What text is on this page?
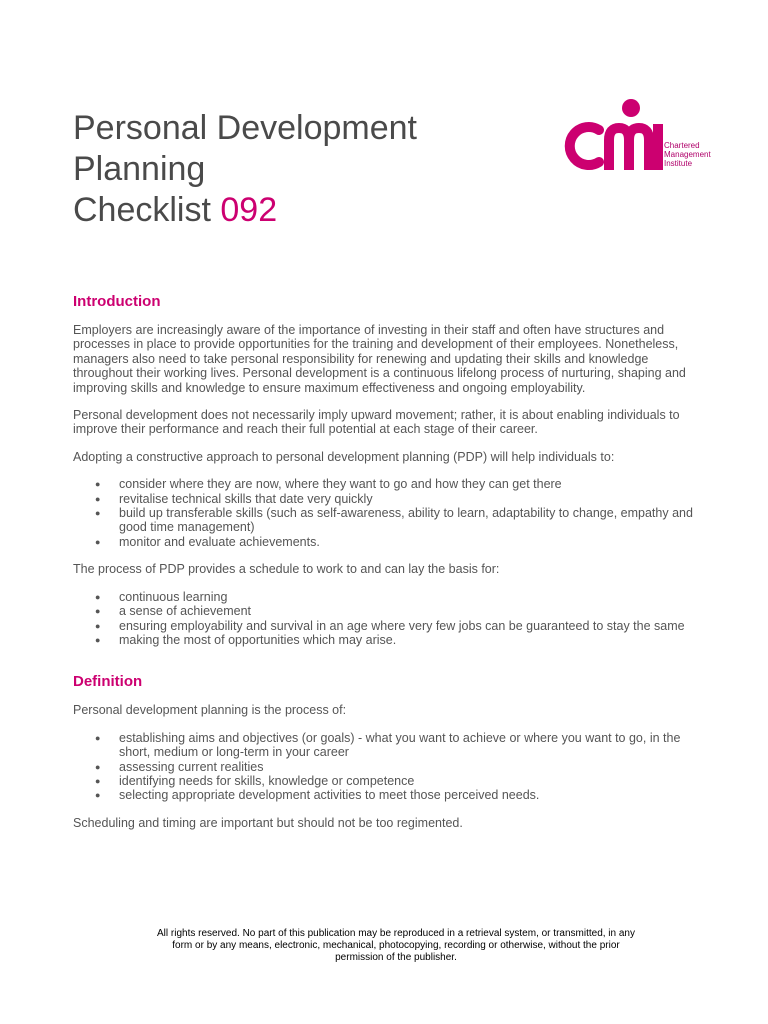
Personal Development
Planning
Checklist 092
Chartered
Management
Institute
Introduction

Employers are increasingly aware of the importance of investing in their staff and often have structures and processes in place to provide opportunities for the training and development of their employees. Nonetheless, managers also need to take personal responsibility for renewing and updating their skills and knowledge throughout their working lives. Personal development is a continuous lifelong process of nurturing, shaping and improving skills and knowledge to ensure maximum effectiveness and ongoing employability.

Personal development does not necessarily imply upward movement; rather, it is about enabling individuals to improve their performance and reach their full potential at each stage of their career.

Adopting a constructive approach to personal development planning (PDP) will help individuals to:

● consider where they are now, where they want to go and how they can get there
● revitalise technical skills that date very quickly
● build up transferable skills (such as self-awareness, ability to learn, adaptability to change, empathy and good time management)
● monitor and evaluate achievements.

The process of PDP provides a schedule to work to and can lay the basis for:

● continuous learning
● a sense of achievement
● ensuring employability and survival in an age where very few jobs can be guaranteed to stay the same
● making the most of opportunities which may arise.
Definition

Personal development planning is the process of:

● establishing aims and objectives (or goals) - what you want to achieve or where you want to go, in the short, medium or long-term in your career
● assessing current realities
● identifying needs for skills, knowledge or competence
● selecting appropriate development activities to meet those perceived needs.

Scheduling and timing are important but should not be too regimented.

All rights reserved. No part of this publication may be reproduced in a retrieval system, or transmitted, in any form or by any means, electronic, mechanical, photocopying, recording or otherwise, without the prior permission of the publisher.
